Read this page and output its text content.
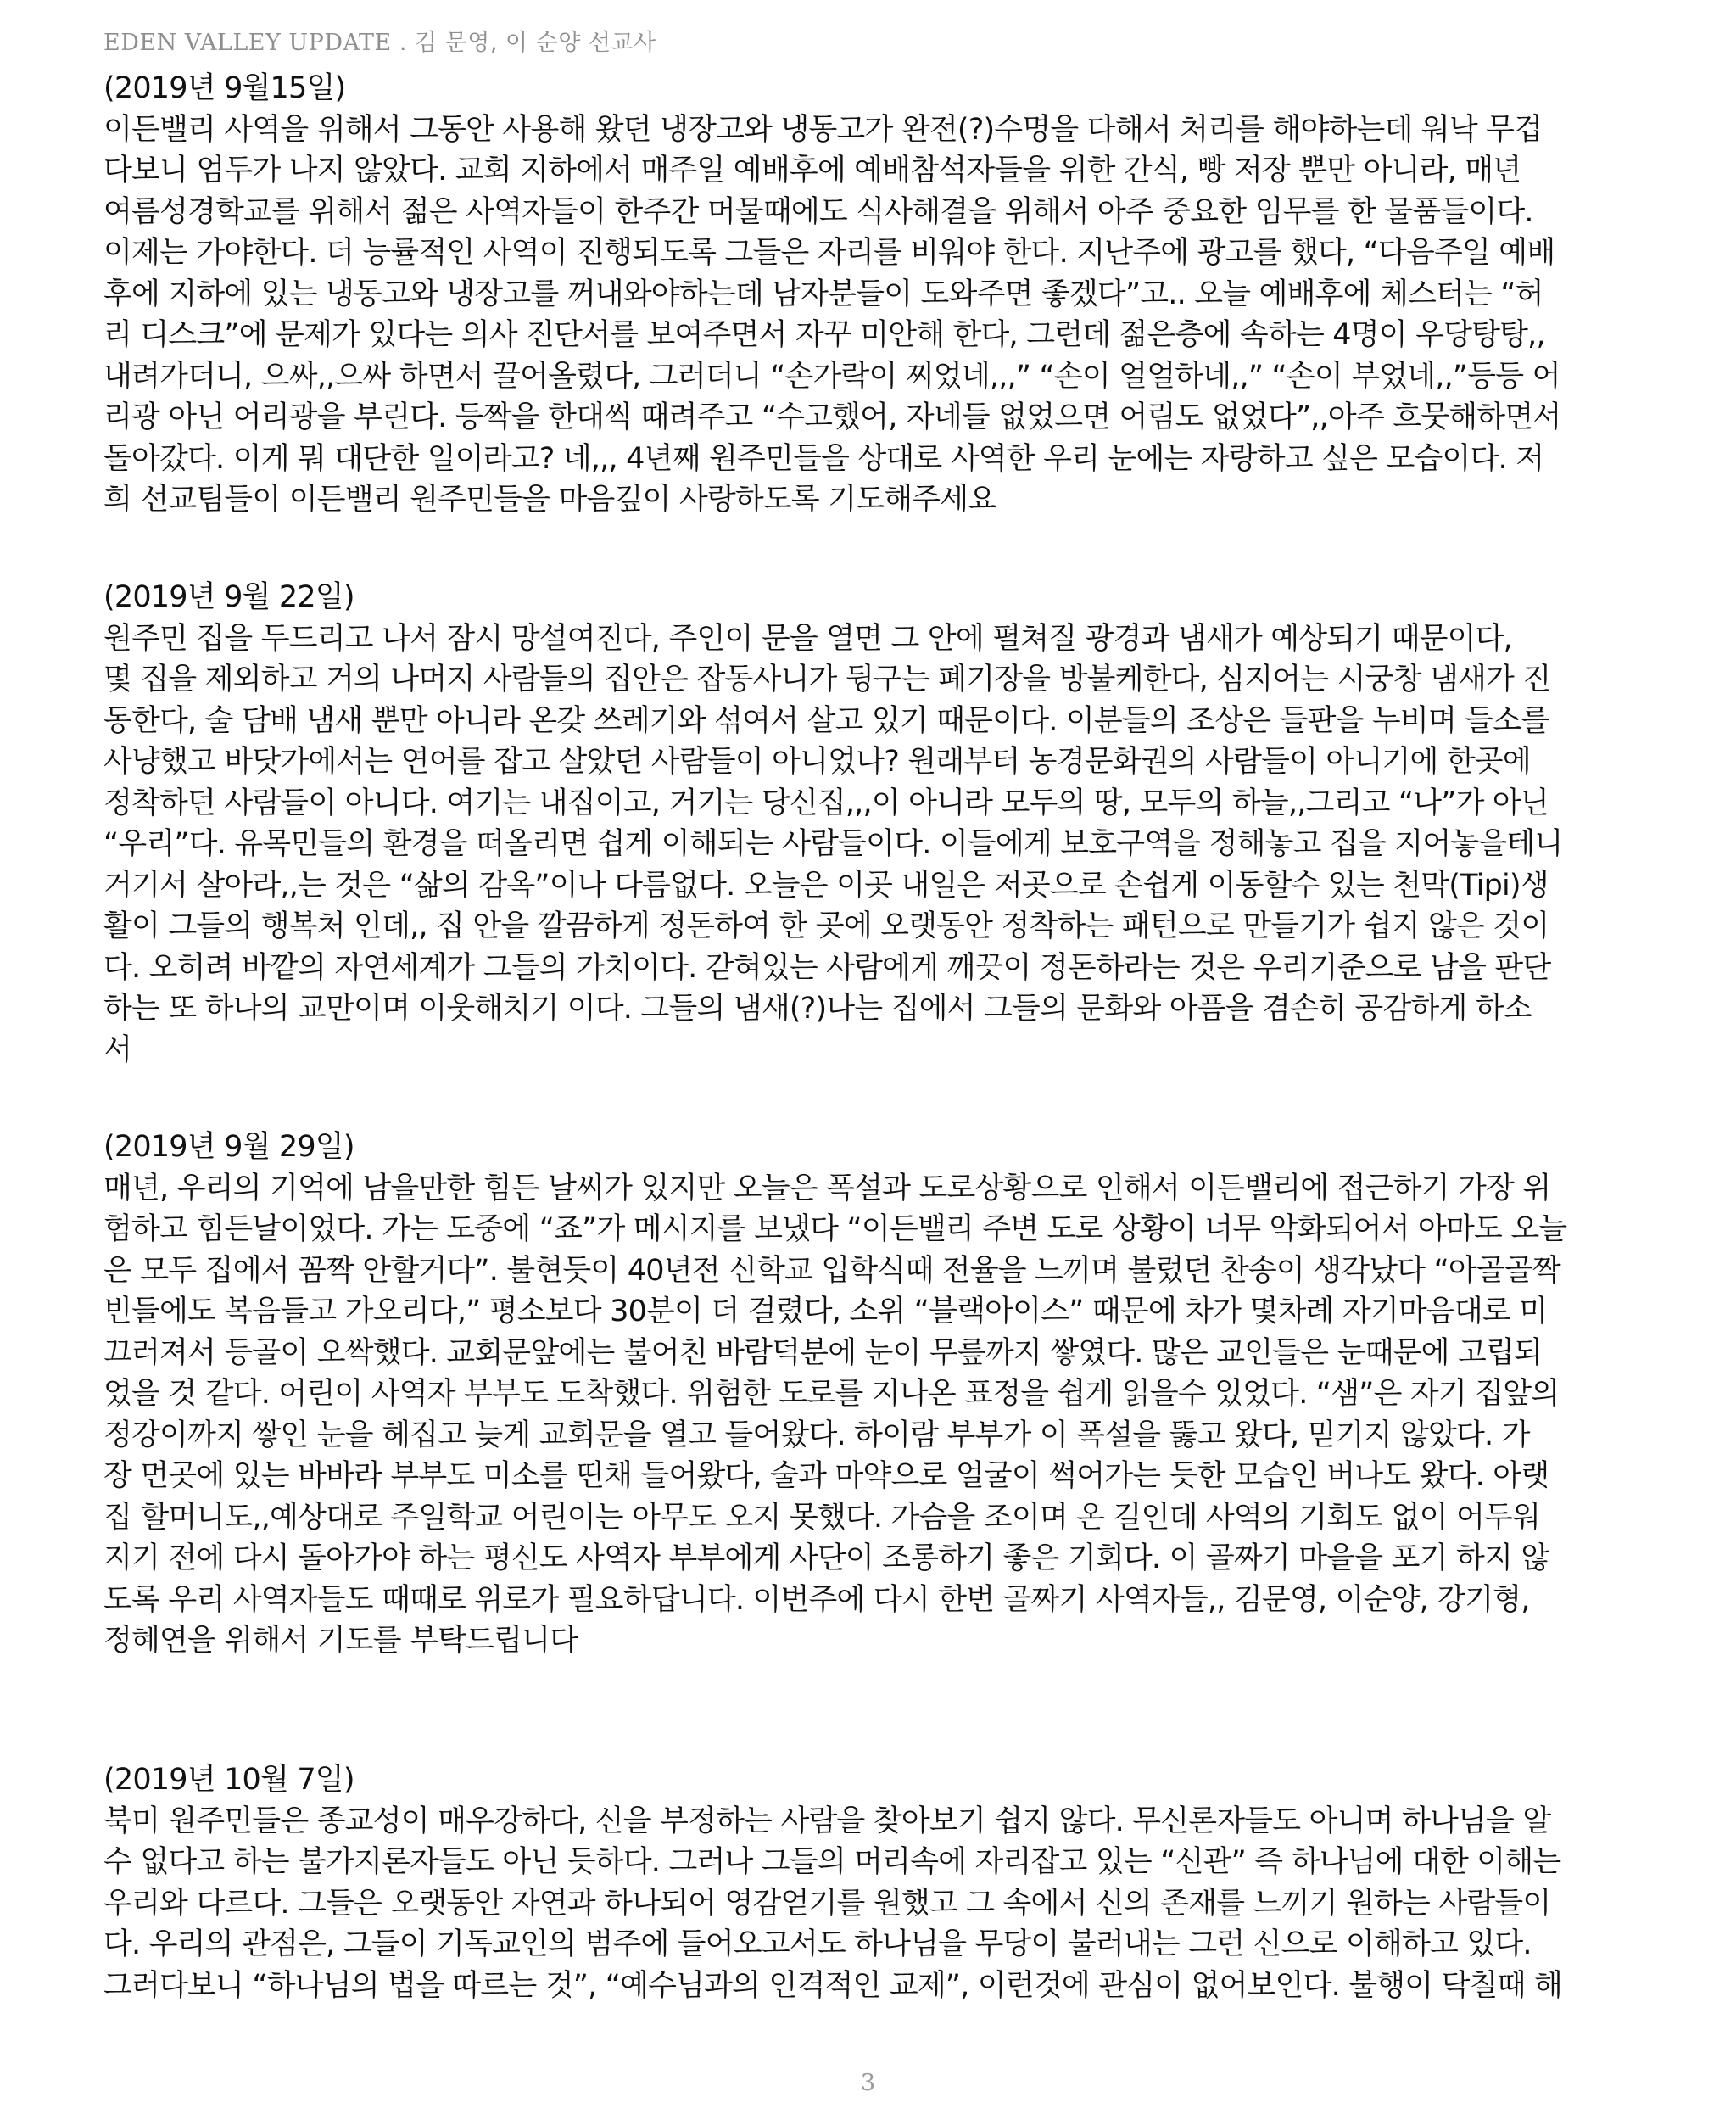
EDEN VALLEY UPDATE . 김 문영, 이 순양 선교사
(2019년 9월15일)
이든밸리 사역을 위해서 그동안 사용해 왔던 냉장고와 냉동고가 완전(?)수명을 다해서 처리를 해야하는데 워낙 무겁
다보니 엄두가 나지 않았다. 교회 지하에서 매주일 예배후에 예배참석자들을 위한 간식, 빵 저장 뿐만 아니라, 매년
여름성경학교를 위해서 젊은 사역자들이 한주간 머물때에도 식사해결을 위해서 아주 중요한 임무를 한 물품들이다.
이제는 가야한다. 더 능률적인 사역이 진행되도록 그들은 자리를 비워야 한다. 지난주에 광고를 했다, “다음주일 예배
후에 지하에 있는 냉동고와 냉장고를 꺼내와야하는데 남자분들이 도와주면 좋겠다”고.. 오늘 예배후에 체스터는 “허
리 디스크”에 문제가 있다는 의사 진단서를 보여주면서 자꾸 미안해 한다, 그런데 젊은층에 속하는 4명이 우당탕탕,,
내려가더니, 으싸,,으싸 하면서 끌어올렸다, 그러더니 “손가락이 찌었네,,,” “손이 얼얼하네,,” “손이 부었네,,”등등 어
리광 아닌 어리광을 부린다. 등짝을 한대씩 때려주고 “수고했어, 자네들 없었으면 어림도 없었다”,,아주 흐뭇해하면서
돌아갔다. 이게 뭐 대단한 일이라고? 네,,, 4년째 원주민들을 상대로 사역한 우리 눈에는 자랑하고 싶은 모습이다. 저
희 선교팀들이 이든밸리 원주민들을 마음깊이 사랑하도록 기도해주세요
(2019년 9월 22일)
원주민 집을 두드리고 나서 잠시 망설여진다, 주인이 문을 열면 그 안에 펼쳐질 광경과 냄새가 예상되기 때문이다,
몇 집을 제외하고 거의 나머지 사람들의 집안은 잡동사니가 뒹구는 폐기장을 방불케한다, 심지어는 시궁창 냄새가 진
동한다, 술 담배 냄새 뿐만 아니라 온갖 쓰레기와 섞여서 살고 있기 때문이다. 이분들의 조상은 들판을 누비며 들소를
사냥했고 바닷가에서는 연어를 잡고 살았던 사람들이 아니었나? 원래부터 농경문화권의 사람들이 아니기에 한곳에
정착하던 사람들이 아니다. 여기는 내집이고, 거기는 당신집,,,이 아니라 모두의 땅, 모두의 하늘,,그리고 “나”가 아닌
“우리”다. 유목민들의 환경을 떠올리면 쉽게 이해되는 사람들이다. 이들에게 보호구역을 정해놓고 집을 지어놓을테니
거기서 살아라,,는 것은 “삶의 감옥”이나 다름없다. 오늘은 이곳 내일은 저곳으로 손쉽게 이동할수 있는 천막(Tipi)생
활이 그들의 행복처 인데,, 집 안을 깔끔하게 정돈하여 한 곳에 오랫동안 정착하는 패턴으로 만들기가 쉽지 않은 것이
다. 오히려 바깥의 자연세계가 그들의 가치이다. 갇혀있는 사람에게 깨끗이 정돈하라는 것은 우리기준으로 남을 판단
하는 또 하나의 교만이며 이웃해치기 이다. 그들의 냄새(?)나는 집에서 그들의 문화와 아픔을 겸손히 공감하게 하소
서
(2019년 9월 29일)
매년, 우리의 기억에 남을만한 힘든 날씨가 있지만 오늘은 폭설과 도로상황으로 인해서 이든밸리에 접근하기 가장 위
험하고 힘든날이었다. 가는 도중에 “죠”가 메시지를 보냈다 “이든밸리 주변 도로 상황이 너무 악화되어서 아마도 오늘
은 모두 집에서 꼼짝 안할거다”. 불현듯이 40년전 신학교 입학식때 전율을 느끼며 불렀던 찬송이 생각났다 “아골골짝
빈들에도 복음들고 가오리다,” 평소보다 30분이 더 걸렸다, 소위 “블랙아이스” 때문에 차가 몇차례 자기마음대로 미
끄러져서 등골이 오싹했다. 교회문앞에는 불어친 바람덕분에 눈이 무릎까지 쌓였다. 많은 교인들은 눈때문에 고립되
었을 것 같다. 어린이 사역자 부부도 도착했다. 위험한 도로를 지나온 표정을 쉽게 읽을수 있었다. “샘”은 자기 집앞의
정강이까지 쌓인 눈을 헤집고 늦게 교회문을 열고 들어왔다. 하이람 부부가 이 폭설을 뚫고 왔다, 믿기지 않았다. 가
장 먼곳에 있는 바바라 부부도 미소를 띤채 들어왔다, 술과 마약으로 얼굴이 썩어가는 듯한 모습인 버나도 왔다. 아랫
집 할머니도,,예상대로 주일학교 어린이는 아무도 오지 못했다. 가슴을 조이며 온 길인데 사역의 기회도 없이 어두워
지기 전에 다시 돌아가야 하는 평신도 사역자 부부에게 사단이 조롱하기 좋은 기회다. 이 골짜기 마을을 포기 하지 않
도록 우리 사역자들도 때때로 위로가 필요하답니다. 이번주에 다시 한번 골짜기 사역자들,, 김문영, 이순양, 강기형,
정혜연을 위해서 기도를 부탁드립니다
(2019년 10월 7일)
북미 원주민들은 종교성이 매우강하다, 신을 부정하는 사람을 찾아보기 쉽지 않다. 무신론자들도 아니며 하나님을 알
수 없다고 하는 불가지론자들도 아닌 듯하다. 그러나 그들의 머리속에 자리잡고 있는 “신관” 즉 하나님에 대한 이해는
우리와 다르다. 그들은 오랫동안 자연과 하나되어 영감얻기를 원했고 그 속에서 신의 존재를 느끼기 원하는 사람들이
다. 우리의 관점은, 그들이 기독교인의 범주에 들어오고서도 하나님을 무당이 불러내는 그런 신으로 이해하고 있다.
그러다보니 “하나님의 법을 따르는 것”, “예수님과의 인격적인 교제”, 이런것에 관심이 없어보인다. 불행이 닥칠때 해
3
